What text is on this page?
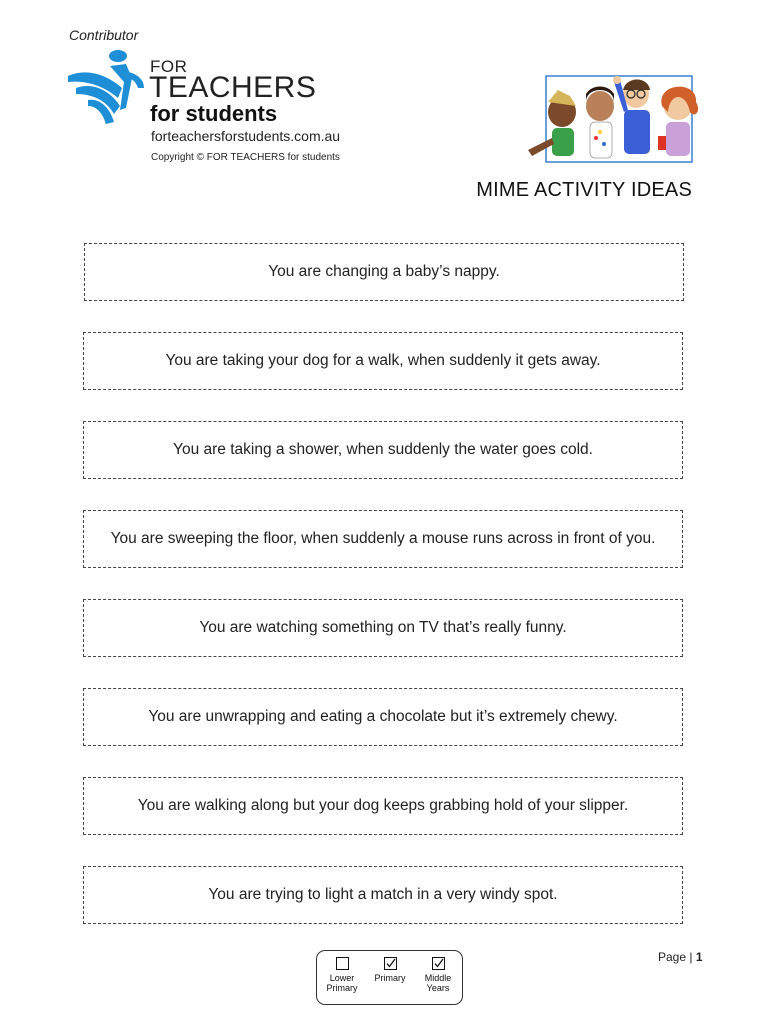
Contributor
FOR
TEACHERS
for students
forteachersforstudents.com.au
Copyright © FOR TEACHERS for students
MIME ACTIVITY IDEAS
You are changing a baby’s nappy.
You are taking your dog for a walk, when suddenly it gets away.
You are taking a shower, when suddenly the water goes cold.
You are sweeping the floor, when suddenly a mouse runs across in front of you.
You are watching something on TV that’s really funny.
You are unwrapping and eating a chocolate but it’s extremely chewy.
You are walking along but your dog keeps grabbing hold of your slipper.
You are trying to light a match in a very windy spot.
Lower
Primary
Primary	Middle
Years
Page | 1
